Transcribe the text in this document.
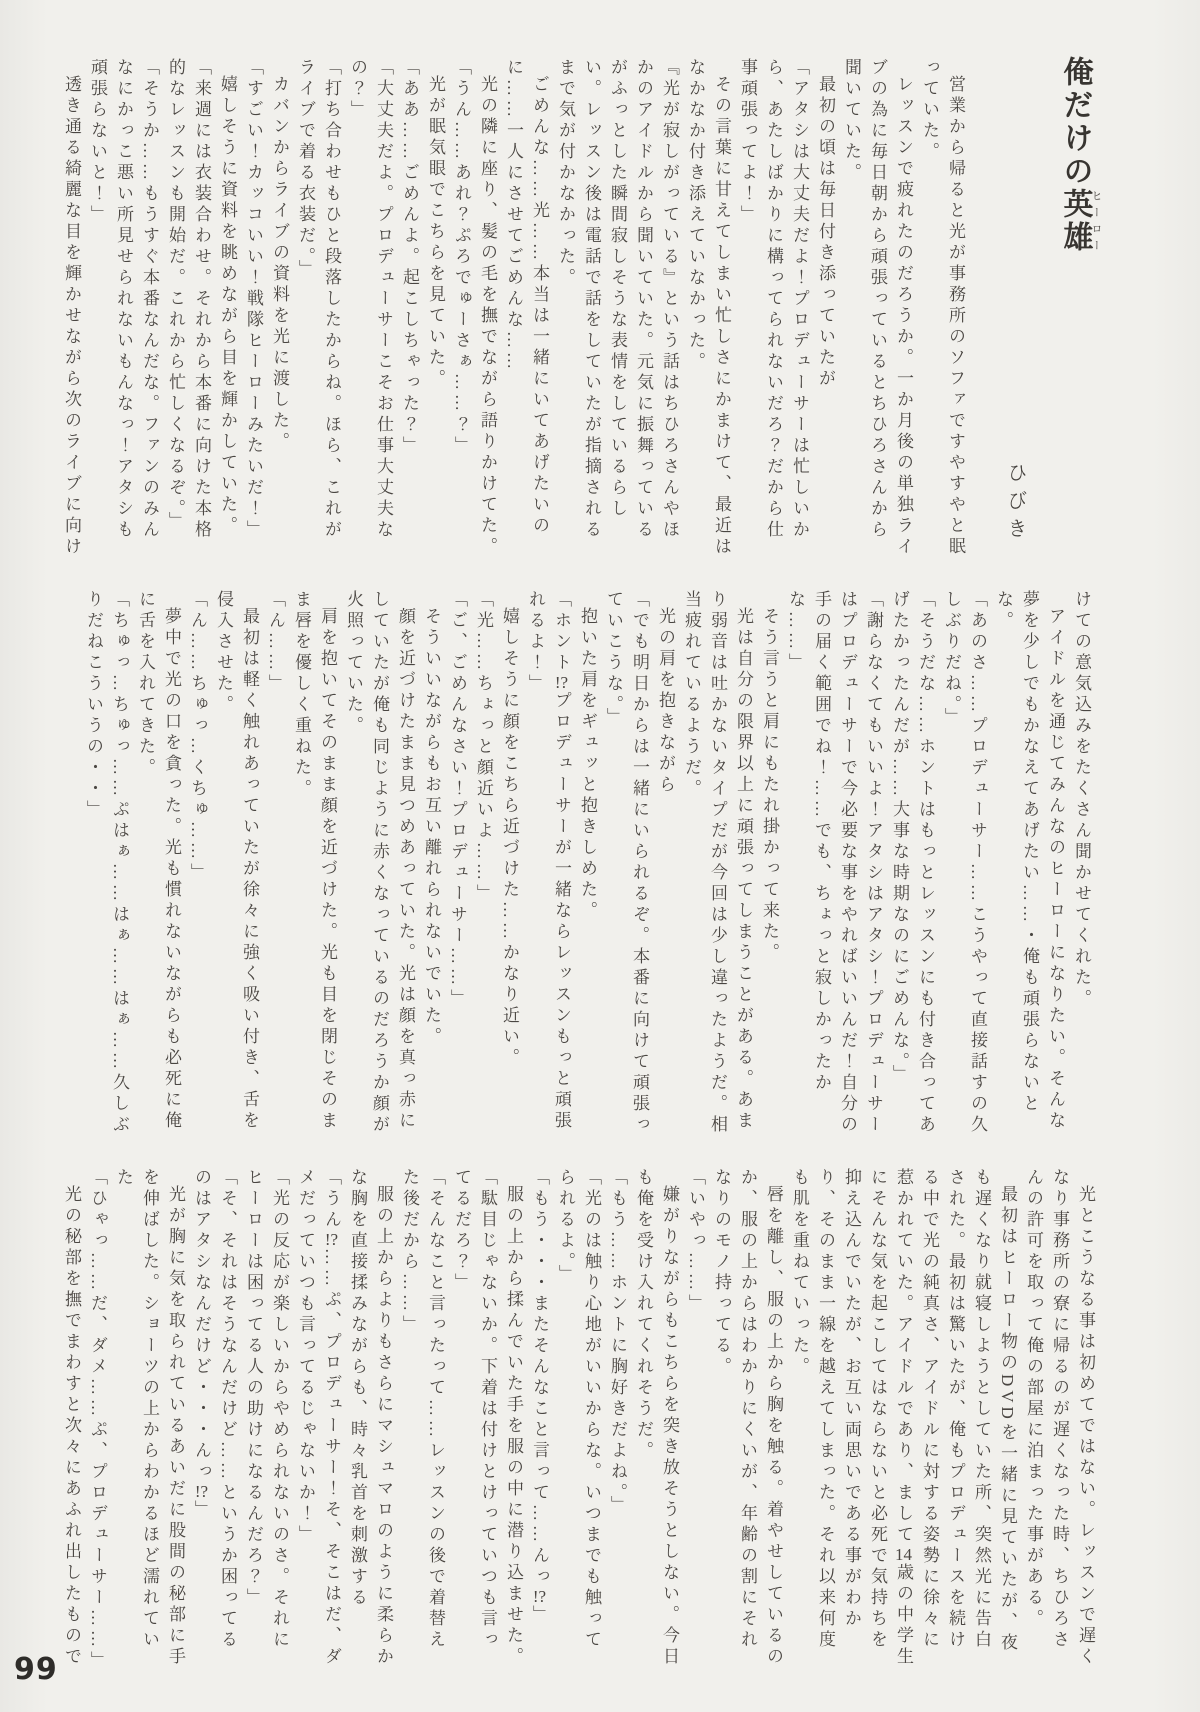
俺だけの英雄ヒーロー
ひびき

営業から帰ると光が事務所のソファですやすやと眠っていた。

レッスンで疲れたのだろうか。一か月後の単独ライブの為に毎日朝から頑張っているとちひろさんから聞いていた。

最初の頃は毎日付き添っていたが

「アタシは大丈夫だよ！プロデューサーは忙しいから、あたしばかりに構ってられないだろ？だから仕事頑張ってよ！」

その言葉に甘えてしまい忙しさにかまけて、最近はなかなか付き添えていなかった。

『光が寂しがっている』という話はちひろさんやほかのアイドルから聞いていた。元気に振舞っているがふっとした瞬間寂しそうな表情をしているらしい。レッスン後は電話で話をしていたが指摘されるまで気が付かなかった。

ごめんな……光……本当は一緒にいてあげたいのに……一人にさせてごめんな……

光の隣に座り、髪の毛を撫でながら語りかけてた。

「うん……あれ？ぷろでゅーさぁ……？」

光が眠気眼でこちらを見ていた。

「ああ……ごめんよ。起こしちゃった？」

「大丈夫だよ。プロデューサーこそお仕事大丈夫なの？」

「打ち合わせもひと段落したからね。ほら、これがライブで着る衣装だ。」

カバンからライブの資料を光に渡した。

「すごい！カッコいい！戦隊ヒーローみたいだ！」

嬉しそうに資料を眺めながら目を輝かしていた。

「来週には衣装合わせ。それから本番に向けた本格的なレッスンも開始だ。これから忙しくなるぞ。」

「そうか……もうすぐ本番なんだな。ファンのみんなにかっこ悪い所見せられないもんなっ！アタシも頑張らないと！」

透き通る綺麗な目を輝かせながら次のライブに向け

けての意気込みをたくさん聞かせてくれた。

アイドルを通じてみんなのヒーローになりたい。そんな夢を少しでもかなえてあげたい……・俺も頑張らないとな。

「あのさ……プロデューサー……こうやって直接話すの久しぶりだね。」

「そうだな……ホントはもっとレッスンにも付き合ってあげたかったんだが……大事な時期なのにごめんな。」

「謝らなくてもいいよ！アタシはアタシ！プロデューサーはプロデューサーで今必要な事をやればいいんだ！自分の手の届く範囲でね！……でも、ちょっと寂しかったかな……」

そう言うと肩にもたれ掛かって来た。

光は自分の限界以上に頑張ってしまうことがある。あまり弱音は吐かないタイプだが今回は少し違ったようだ。相当疲れているようだ。

光の肩を抱きながら

「でも明日からは一緒にいられるぞ。本番に向けて頑張っていこうな。」

抱いた肩をギュッと抱きしめた。

「ホント!?プロデューサーが一緒ならレッスンもっと頑張れるよ！」

嬉しそうに顔をこちら近づけた……かなり近い。

「光……ちょっと顔近いよ……」

「ご、ごめんなさい！プロデューサー……」

そういいながらもお互い離れられないでいた。

顔を近づけたまま見つめあっていた。光は顔を真っ赤にしていたが俺も同じように赤くなっているのだろうか顔が火照っていた。

肩を抱いてそのまま顔を近づけた。光も目を閉じそのまま唇を優しく重ねた。

「ん……」

最初は軽く触れあっていたが徐々に強く吸い付き、舌を侵入させた。

「ん……ちゅっ…くちゅ……」

夢中で光の口を貪った。光も慣れないながらも必死に俺に舌を入れてきた。

「ちゅっ…ちゅっ……ぷはぁ……はぁ……はぁ……久しぶりだねこういうの・・」

光とこうなる事は初めてではない。レッスンで遅くなり事務所の寮に帰るのが遅くなった時、ちひろさんの許可を取って俺の部屋に泊まった事がある。

最初はヒーロー物のDVDを一緒に見ていたが、夜も遅くなり就寝しようとしていた所、突然光に告白された。最初は驚いたが、俺もプロデュースを続ける中で光の純真さ、アイドルに対する姿勢に徐々に惹かれていた。アイドルであり、まして14歳の中学生にそんな気を起こしてはならないと必死で気持ちを抑え込んでいたが、お互い両思いである事がわかり、そのまま一線を越えてしまった。それ以来何度も肌を重ねていった。

唇を離し、服の上から胸を触る。着やせしているのか、服の上からはわかりにくいが、年齢の割にそれなりのモノ持ってる。

「いやっ……」

嫌がりながらもこちらを突き放そうとしない。今日も俺を受け入れてくれそうだ。

「もう……ホントに胸好きだよね。」

「光のは触り心地がいいからな。いつまでも触ってられるよ。」

「もう・・・またそんなこと言って……んっ!?」

服の上から揉んでいた手を服の中に潜り込ませた。

「駄目じゃないか。下着は付けとけっていつも言ってるだろ？」

「そんなこと言ったって……レッスンの後で着替えた後だから……」

服の上からよりもさらにマシュマロのように柔らかな胸を直接揉みながらも、時々乳首を刺激する

「うん!?……ぷ、プロデューサー！そ、そこはだ、ダメだっていつも言ってるじゃないか！」

「光の反応が楽しいからやめられないのさ。それにヒーローは困ってる人の助けになるんだろ？」

「そ、それはそうなんだけど……というか困ってるのはアタシなんだけど・・・んっ!?」

光が胸に気を取られているあいだに股間の秘部に手を伸ばした。ショーツの上からわかるほど濡れていた

「ひゃっ……だ、ダメ……ぷ、プロデューサー……」

光の秘部を撫でまわすと次々にあふれ出したもので

99
